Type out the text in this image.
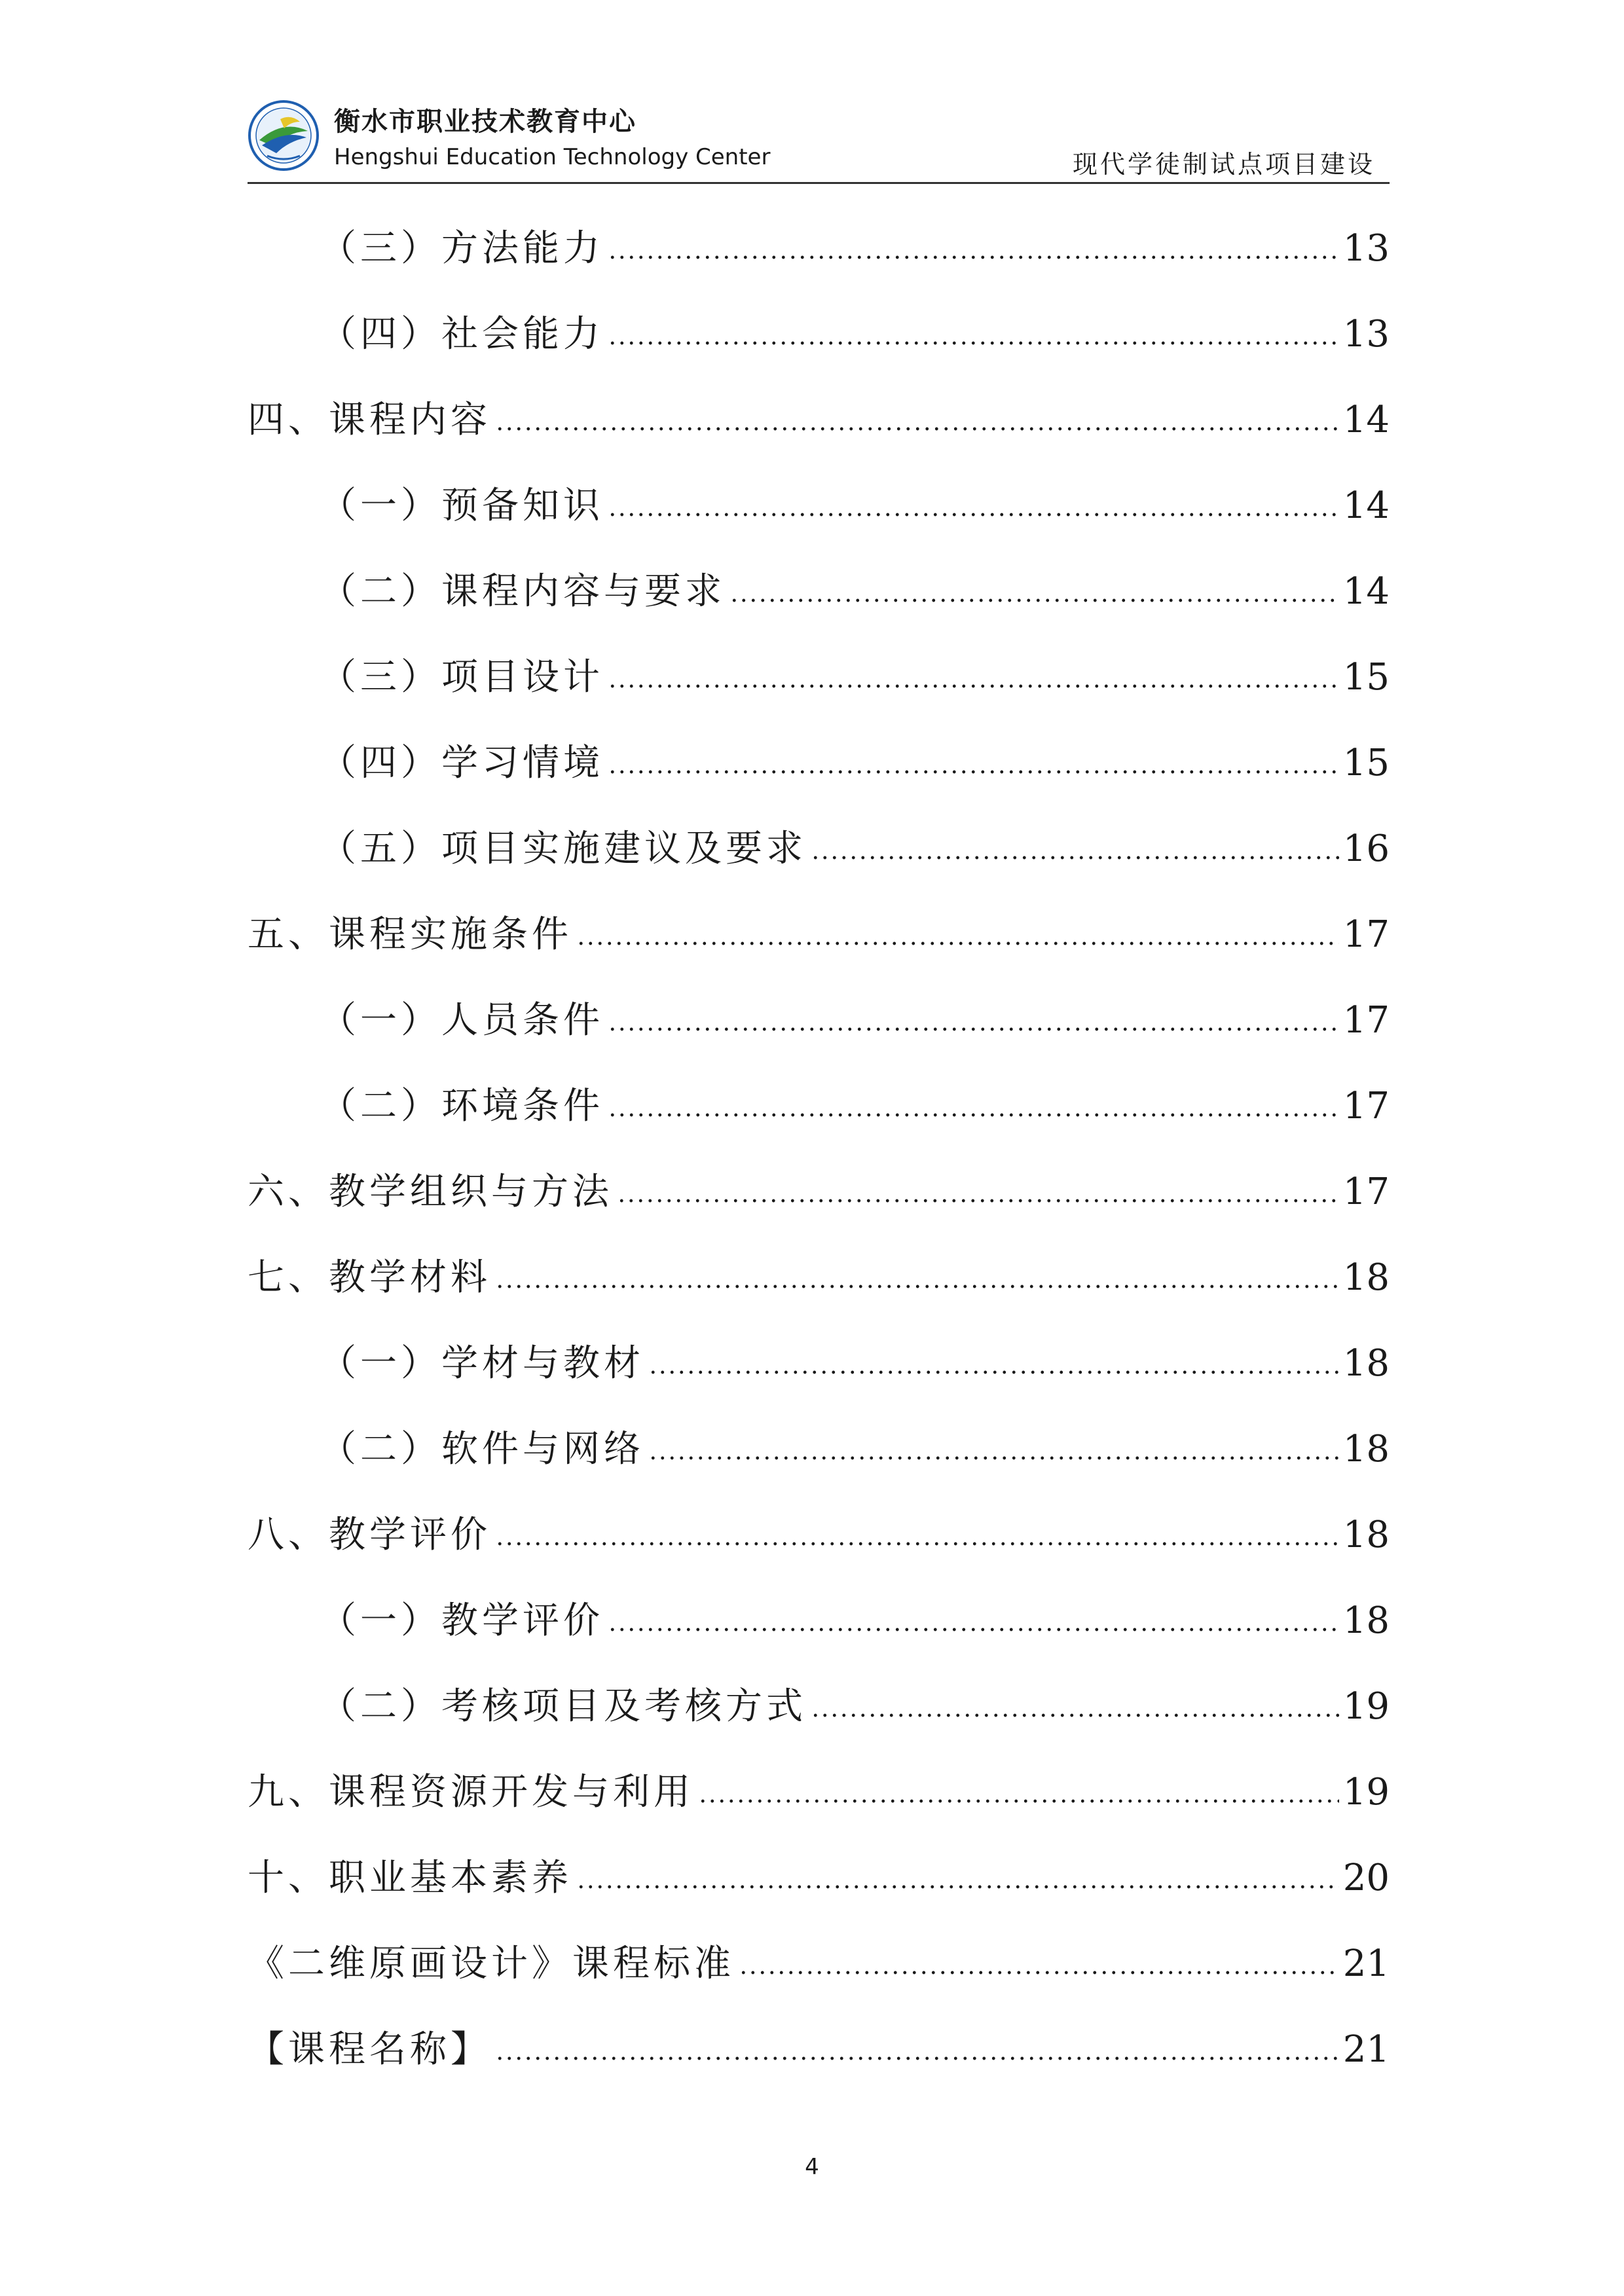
衡水市职业技术教育中心
Hengshui Education Technology Center	现代学徒制试点项目建设
（三）方法能力	13
（四）社会能力	13
四、课程内容	14
（一）预备知识	14
（二）课程内容与要求	14
（三）项目设计	15
（四）学习情境	15
（五）项目实施建议及要求	16
五、课程实施条件	17
（一）人员条件	17
（二）环境条件	17
六、教学组织与方法	17
七、教学材料	18
（一）学材与教材	18
（二）软件与网络	18
八、教学评价	18
（一）教学评价	18
（二）考核项目及考核方式	19
九、课程资源开发与利用	19
十、职业基本素养	20
《二维原画设计》课程标准	21
【课程名称】	21
4
